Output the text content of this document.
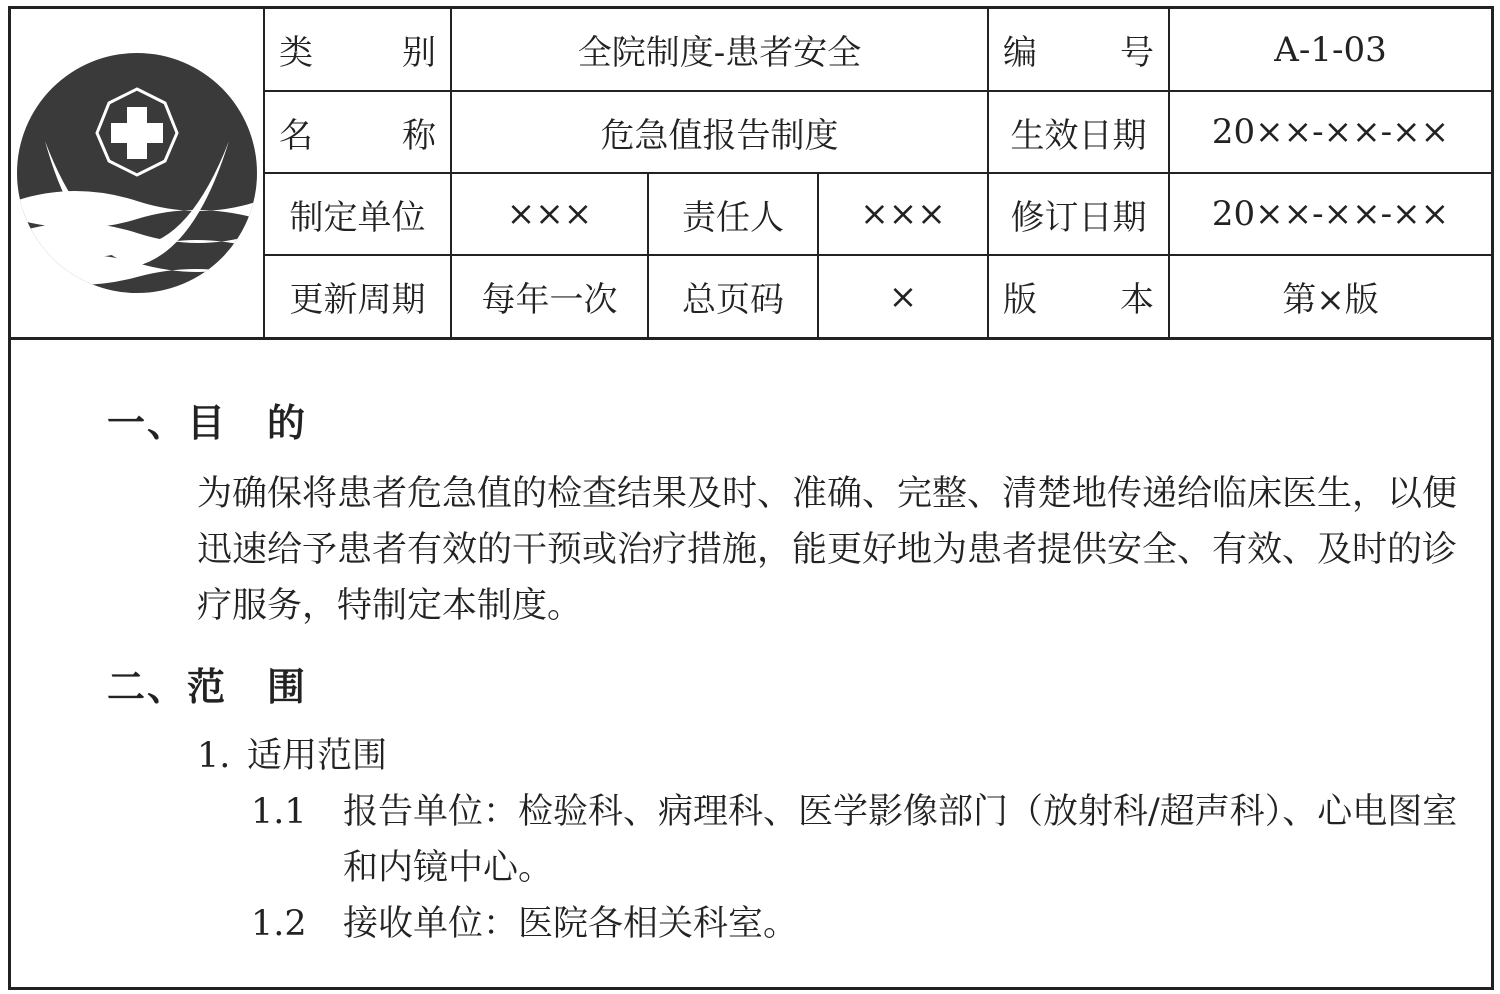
类　别	全院制度-患者安全			编　号	A-1-03
名　称	危急值报告制度			生效日期	20××-××-××
制定单位	×××	责任人	×××	修订日期	20××-××-××
更新周期	每年一次	总页码	×	版　本	第×版
一、目　的
为确保将患者危急值的检查结果及时、准确、完整、清楚地传递给临床医生，以便迅速给予患者有效的干预或治疗措施，能更好地为患者提供安全、有效、及时的诊疗服务，特制定本制度。
二、范　围
1. 适用范围
1.1	报告单位：检验科、病理科、医学影像部门（放射科/超声科）、心电图室和内镜中心。
1.2	接收单位：医院各相关科室。
